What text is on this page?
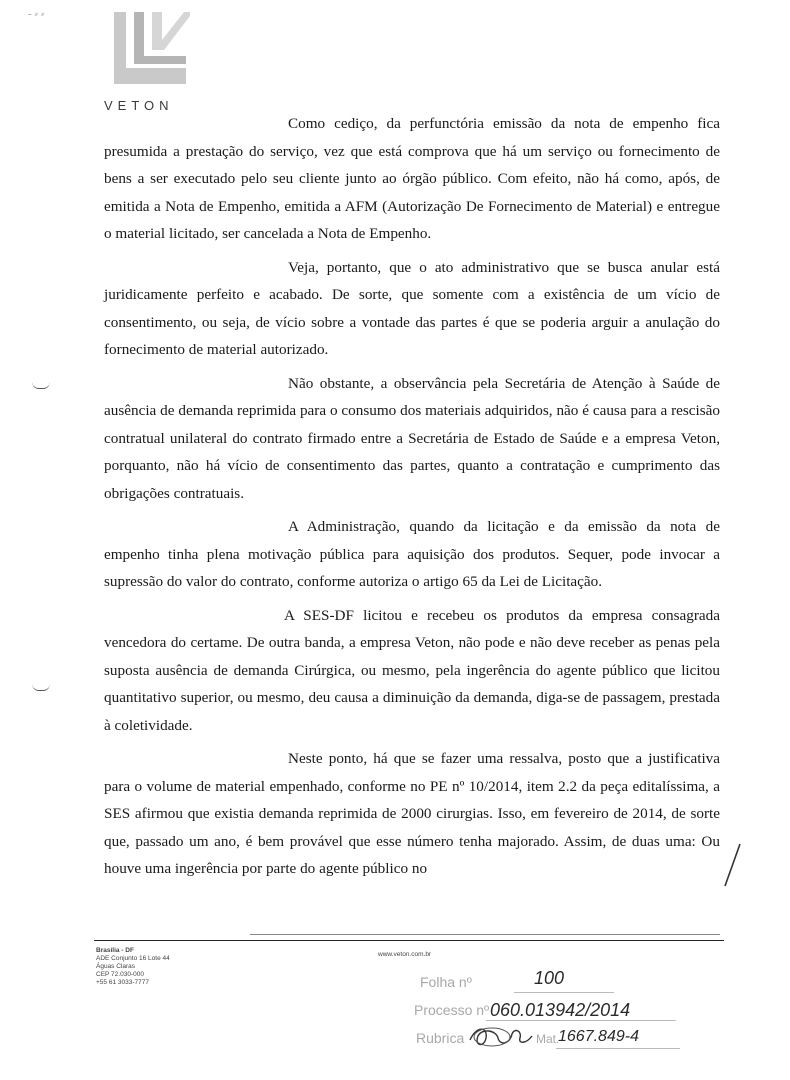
- ⸗ ⸗
VETON

Como cediço, da perfunctória emissão da nota de empenho fica presumida a prestação do serviço, vez que está comprova que há um serviço ou fornecimento de bens a ser executado pelo seu cliente junto ao órgão público. Com efeito, não há como, após, de emitida a Nota de Empenho, emitida a AFM (Autorização De Fornecimento de Material) e entregue o material licitado, ser cancelada a Nota de Empenho.

Veja, portanto, que o ato administrativo que se busca anular está juridicamente perfeito e acabado. De sorte, que somente com a existência de um vício de consentimento, ou seja, de vício sobre a vontade das partes é que se poderia arguir a anulação do fornecimento de material autorizado.

Não obstante, a observância pela Secretária de Atenção à Saúde de ausência de demanda reprimida para o consumo dos materiais adquiridos, não é causa para a rescisão contratual unilateral do contrato firmado entre a Secretária de Estado de Saúde e a empresa Veton, porquanto, não há vício de consentimento das partes, quanto a contratação e cumprimento das obrigações contratuais.

A Administração, quando da licitação e da emissão da nota de empenho tinha plena motivação pública para aquisição dos produtos. Sequer, pode invocar a supressão do valor do contrato, conforme autoriza o artigo 65 da Lei de Licitação.

A SES-DF licitou e recebeu os produtos da empresa consagrada vencedora do certame. De outra banda, a empresa Veton, não pode e não deve receber as penas pela suposta ausência de demanda Cirúrgica, ou mesmo, pela ingerência do agente público que licitou quantitativo superior, ou mesmo, deu causa a diminuição da demanda, diga-se de passagem, prestada à coletividade.

Neste ponto, há que se fazer uma ressalva, posto que a justificativa para o volume de material empenhado, conforme no PE nº 10/2014, item 2.2 da peça editalíssima, a SES afirmou que existia demanda reprimida de 2000 cirurgias. Isso, em fevereiro de 2014, de sorte que, passado um ano, é bem provável que esse número tenha majorado. Assim, de duas uma: Ou houve uma ingerência por parte do agente público no

Brasília - DF
ADE Conjunto 16 Lote 44
Águas Claras
CEP 72.030-000
+55 61 3033-7777
www.veton.com.br
Folha nº	100
Processo nº 060.013942/2014
Rubrica	Mat.
1667.849-4
